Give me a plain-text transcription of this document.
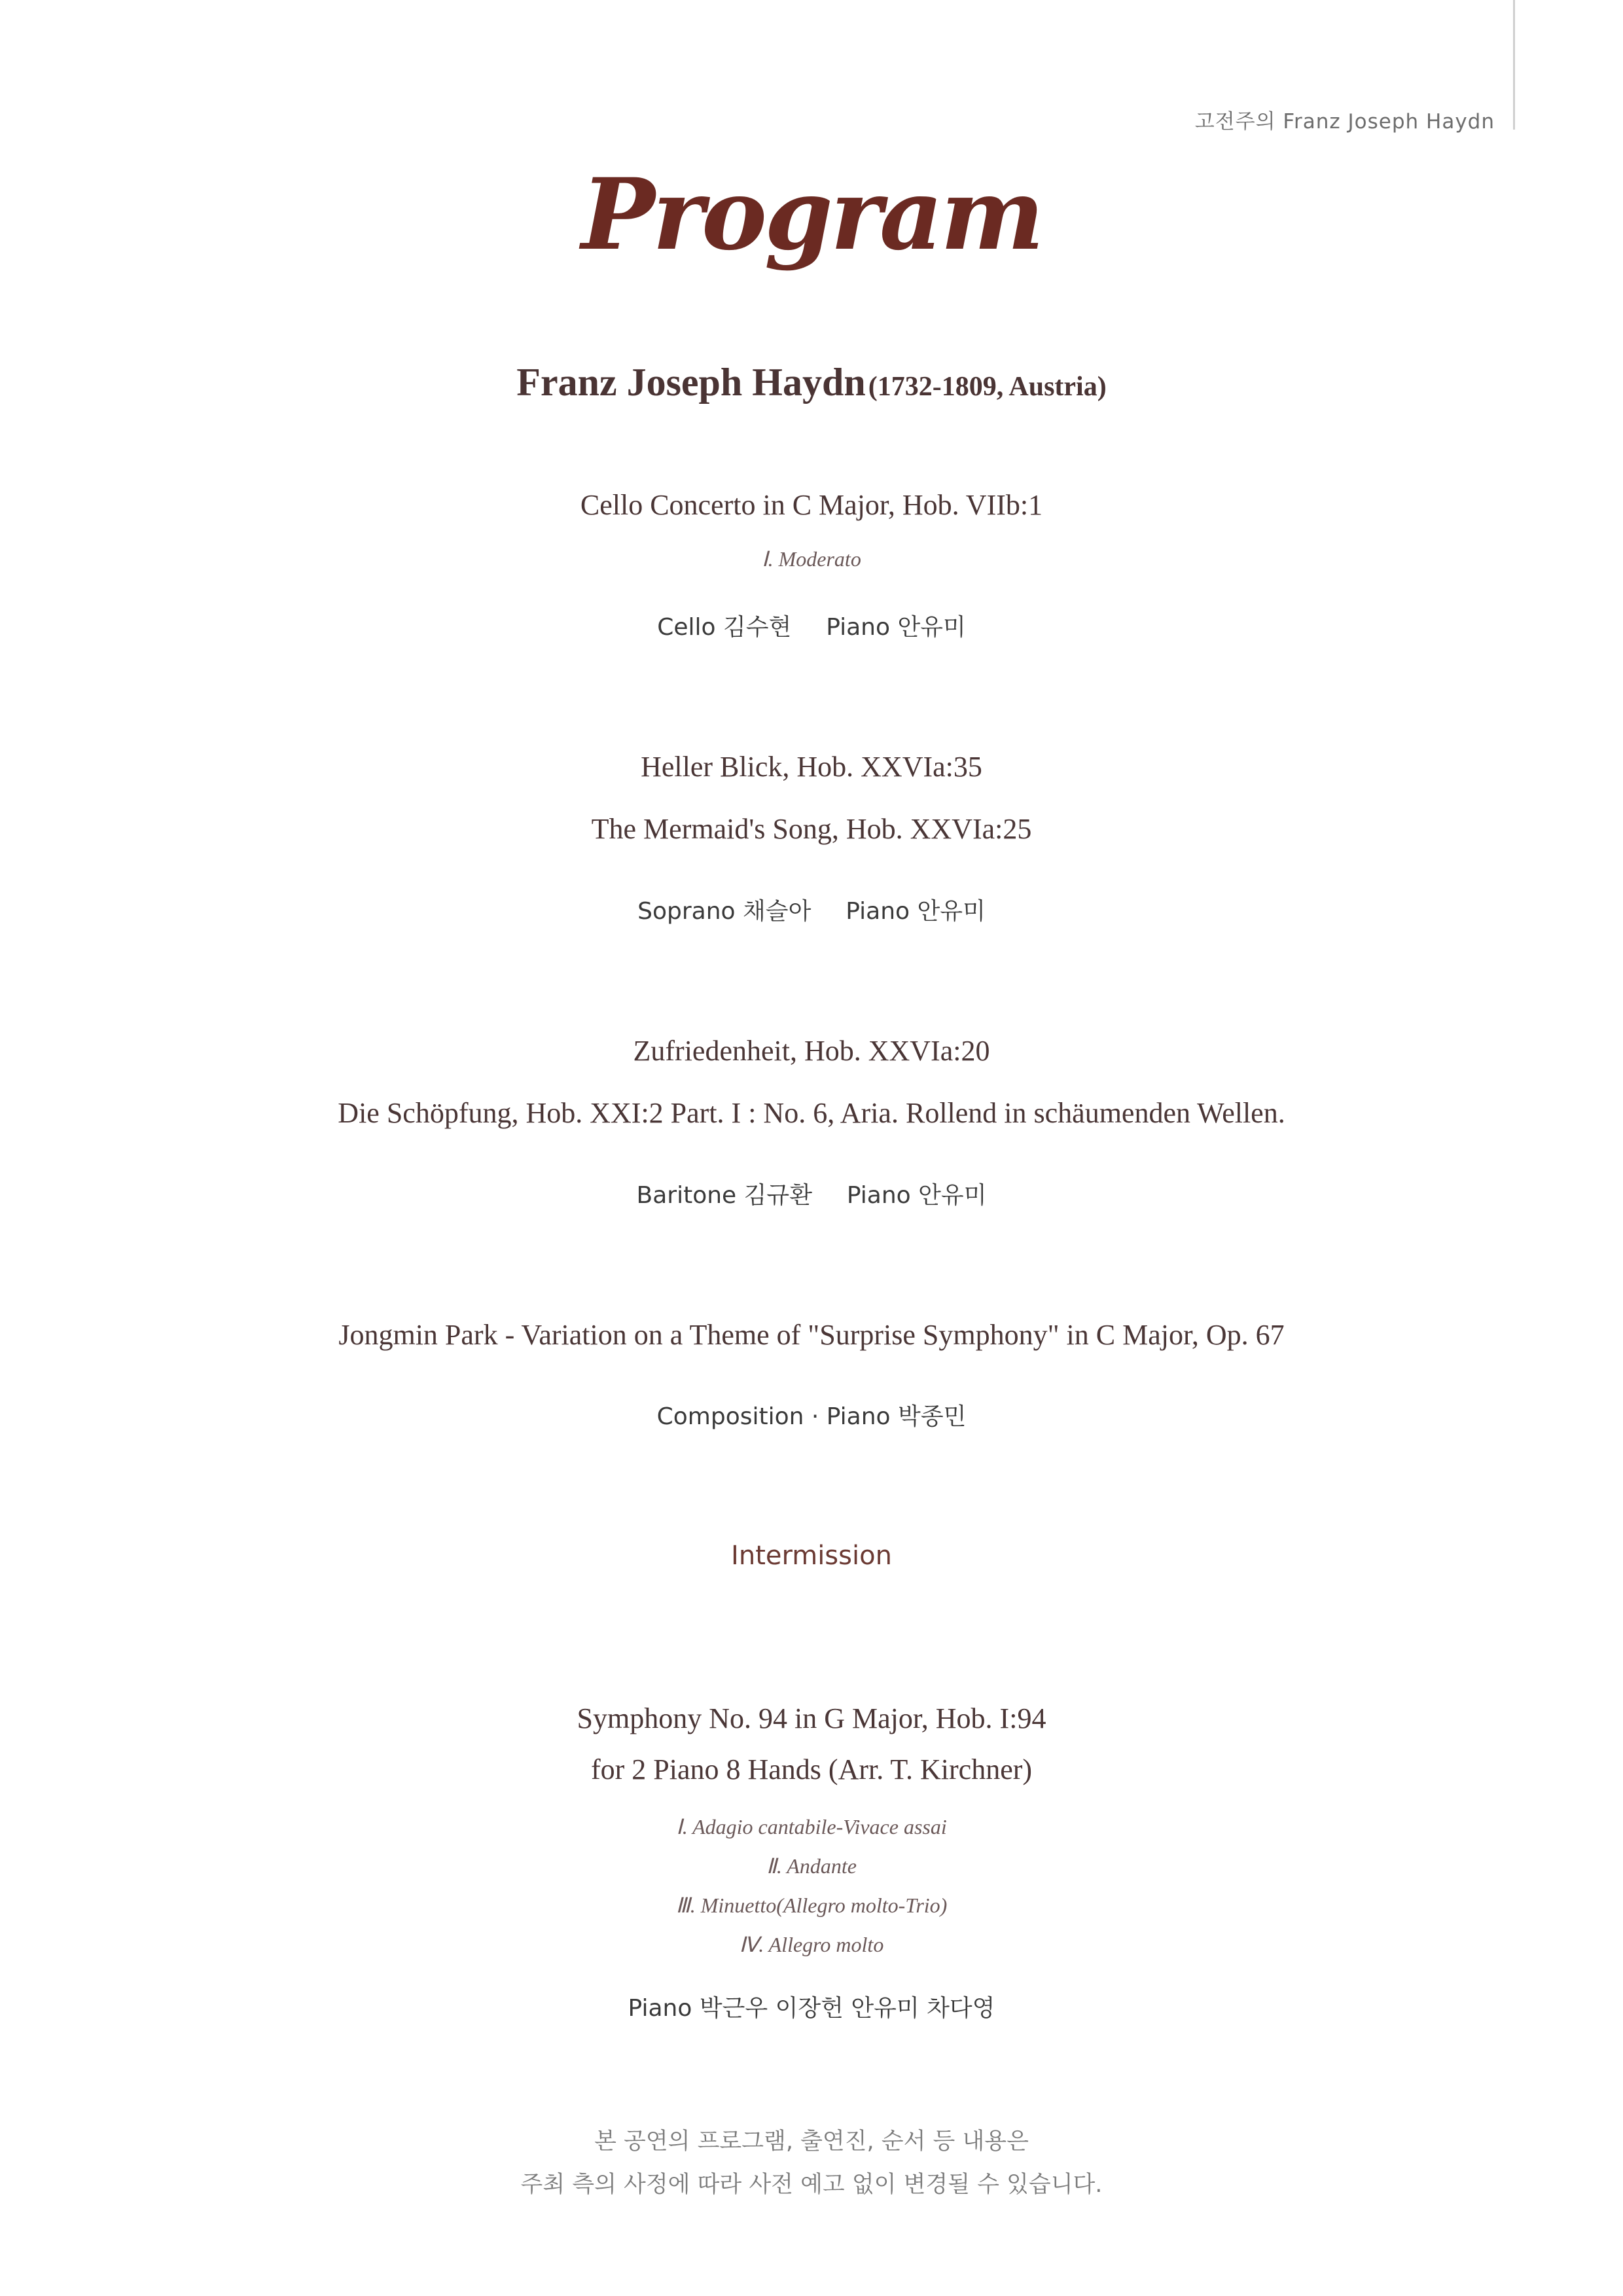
고전주의 Franz Joseph Haydn
Program
Franz Joseph Haydn (1732-1809, Austria)
Cello Concerto in C Major, Hob. VIIb:1
Ⅰ. Moderato
Cello 김수현 Piano 안유미
Heller Blick, Hob. XXVIa:35
The Mermaid's Song, Hob. XXVIa:25
Soprano 채슬아 Piano 안유미
Zufriedenheit, Hob. XXVIa:20
Die Schöpfung, Hob. XXI:2 Part. I : No. 6, Aria. Rollend in schäumenden Wellen.
Baritone 김규환 Piano 안유미
Jongmin Park - Variation on a Theme of "Surprise Symphony" in C Major, Op. 67
Composition · Piano 박종민
Intermission
Symphony No. 94 in G Major, Hob. I:94
for 2 Piano 8 Hands (Arr. T. Kirchner)
Ⅰ. Adagio cantabile-Vivace assai
Ⅱ. Andante
Ⅲ. Minuetto(Allegro molto-Trio)
Ⅳ. Allegro molto
Piano 박근우 이장헌 안유미 차다영
본 공연의 프로그램, 출연진, 순서 등 내용은
주최 측의 사정에 따라 사전 예고 없이 변경될 수 있습니다.
